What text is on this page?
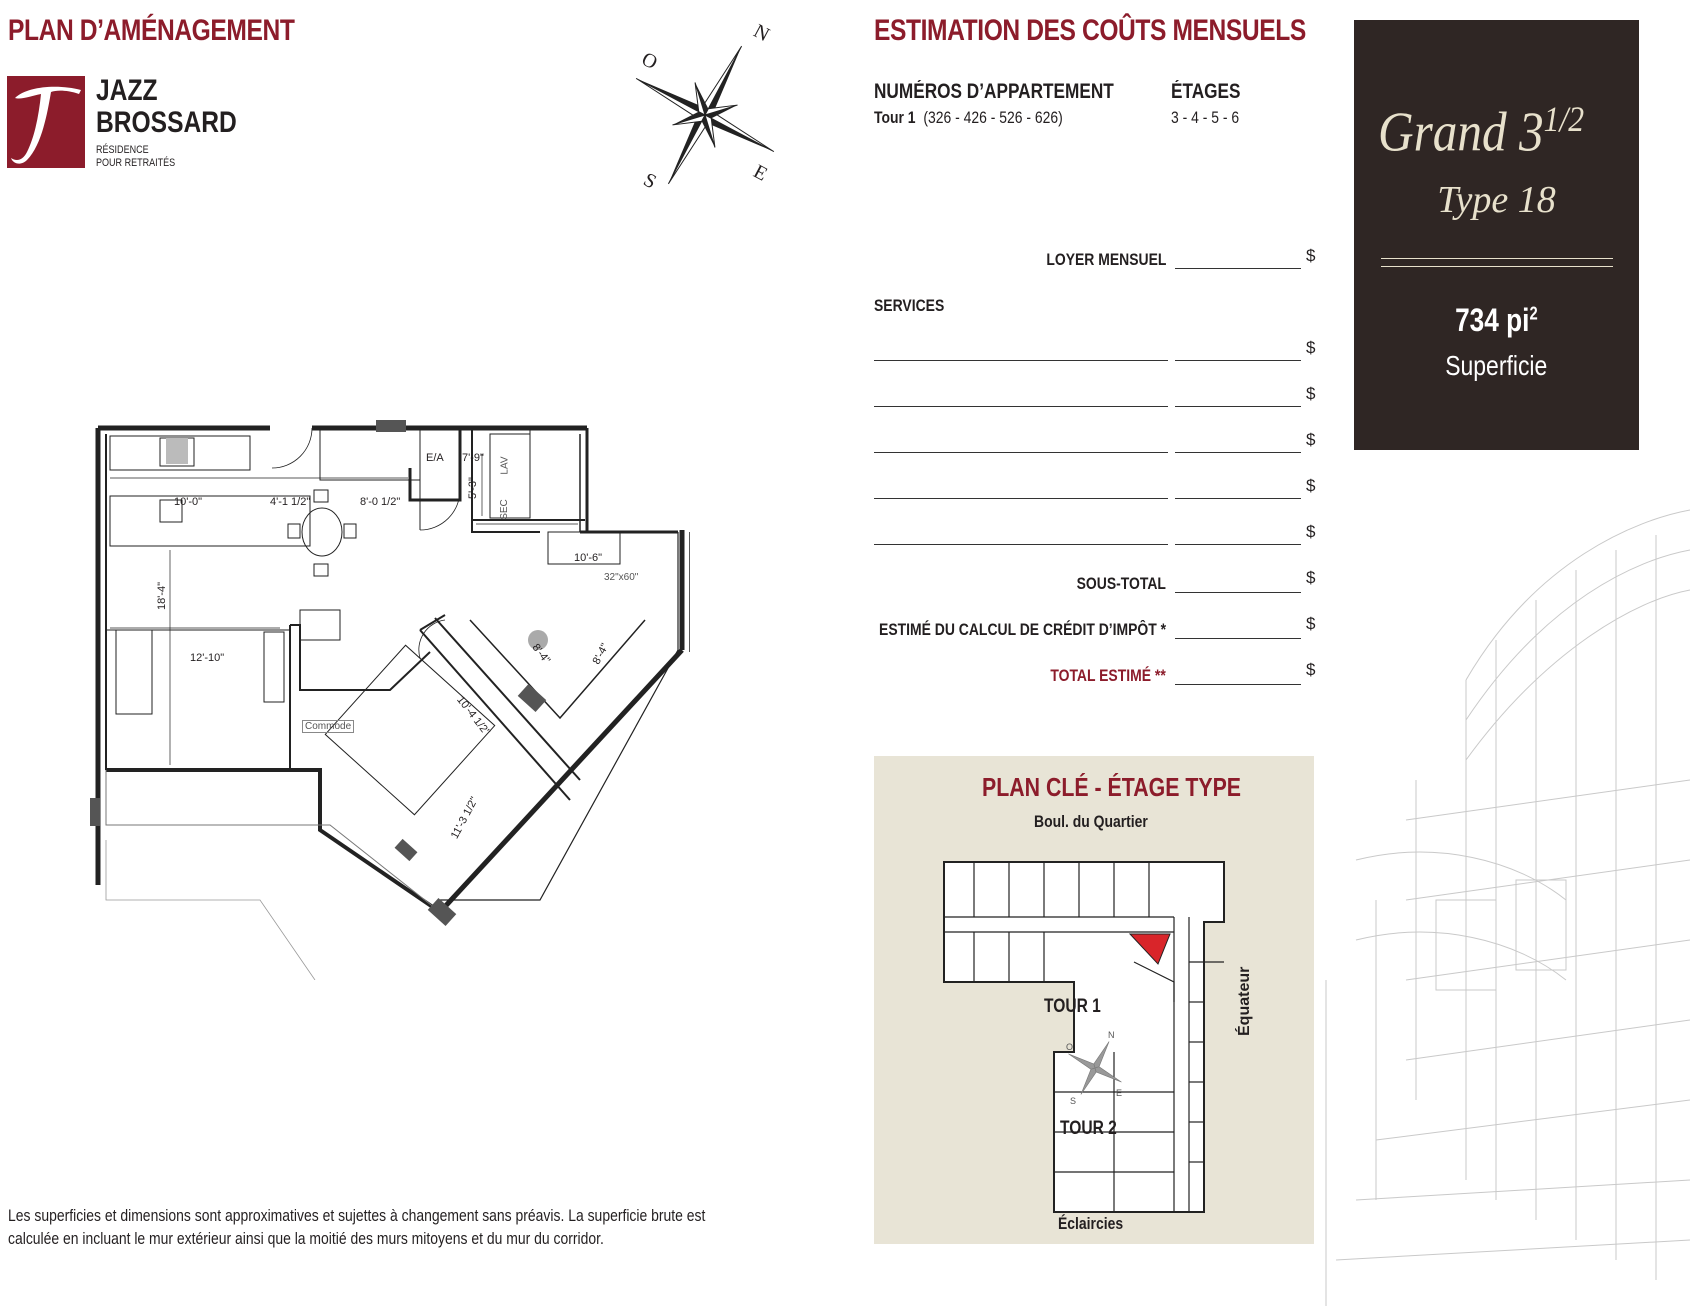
PLAN D’AMÉNAGEMENT
JAZZ
BROSSARD
RÉSIDENCE
POUR RETRAITÉS
N
O
E
S
E/A 7'-9"
5'-3"
SEC
LAV
10'-0"	4'-1 1/2"	8'-0 1/2"
10'-6"
32"x60"
18'-4"
12'-10"	8'-4"	8'-4"
Commode	10'-4 1/2"
11'-3 1/2"
Les superficies et dimensions sont approximatives et sujettes à changement sans préavis. La superficie brute est
calculée en incluant le mur extérieur ainsi que la moitié des murs mitoyens et du mur du corridor.
ESTIMATION DES COÛTS MENSUELS
NUMÉROS D’APPARTEMENT
Tour 1 (326 - 426 - 526 - 626)
ÉTAGES
3 - 4 - 5 - 6
LOYER MENSUEL	$
SERVICES
$
$
$
$
$
SOUS-TOTAL	$
ESTIMÉ DU CALCUL DE CRÉDIT D’IMPÔT *	$
TOTAL ESTIMÉ **	$
PLAN CLÉ - ÉTAGE TYPE
Boul. du Quartier
TOUR 1
TOUR 2
Équateur
Éclaircies
N
O
E
S
Grand $3^{1/2}$
Type 18
734 $pi^2$
Superficie
